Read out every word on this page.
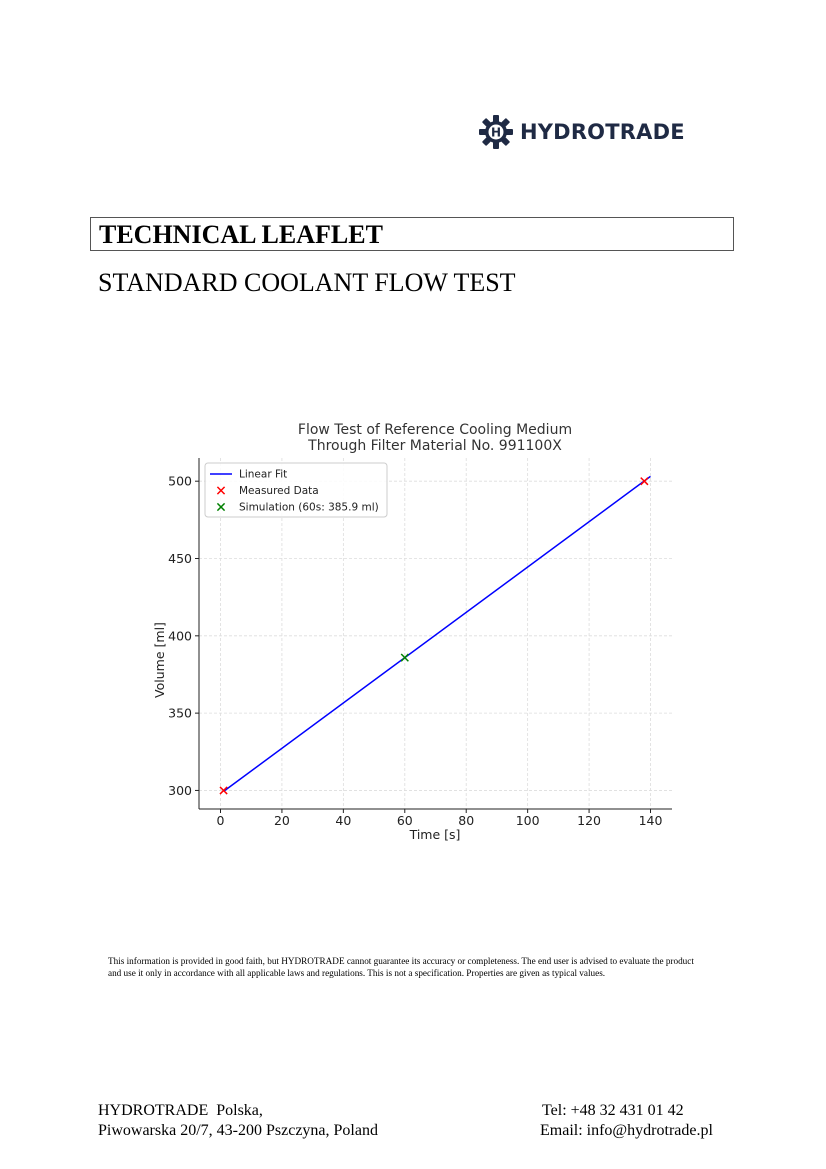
H HYDROTRADE
TECHNICAL LEAFLET
STANDARD COOLANT FLOW TEST
Flow Test of Reference Cooling Medium
Through Filter Material No. 991100X
0	20	40	60	80	100	120	140
300
350
400
450
500
Time [s]
Volume [ml]
Linear Fit
Measured Data
Simulation (60s: 385.9 ml)
This information is provided in good faith, but HYDROTRADE cannot guarantee its accuracy or completeness. The end user is advised to evaluate the product
and use it only in accordance with all applicable laws and regulations. This is not a specification. Properties are given as typical values.
HYDROTRADE  Polska,
Piwowarska 20/7, 43-200 Pszczyna, Poland
Tel: +48 32 431 01 42
Email: info@hydrotrade.pl
